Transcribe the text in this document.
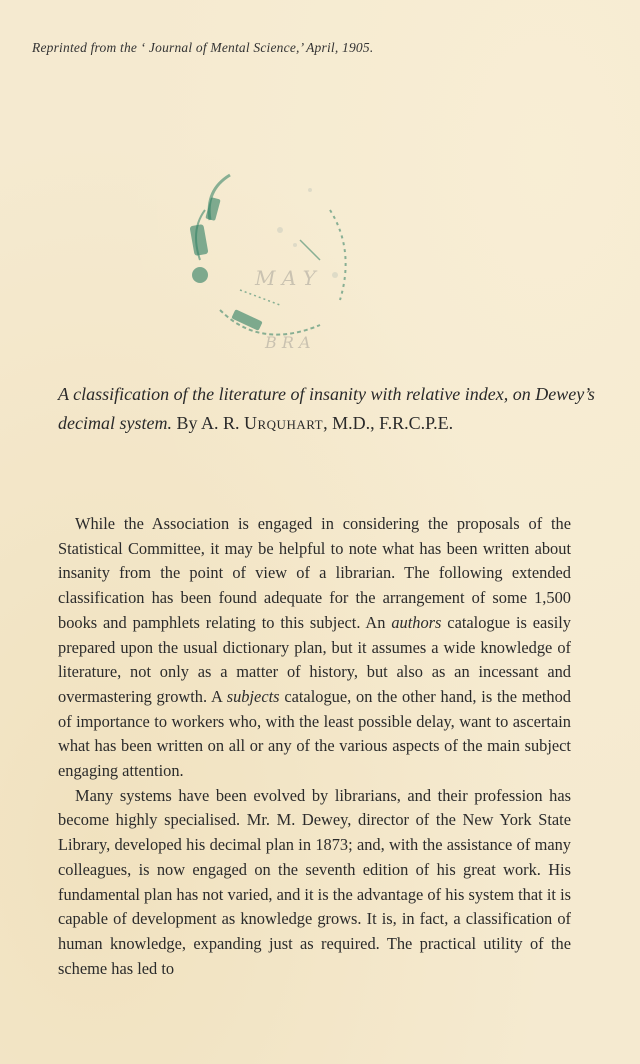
Reprinted from the ‘ Journal of Mental Science,’ April, 1905.
M A Y
B R A
A classification of the literature of insanity with relative index, on Dewey’s decimal system. By A. R. Urquhart, M.D., F.R.C.P.E.

While the Association is engaged in considering the proposals of the Statistical Committee, it may be helpful to note what has been written about insanity from the point of view of a librarian. The following extended classification has been found adequate for the arrangement of some 1,500 books and pamphlets relating to this subject. An authors catalogue is easily prepared upon the usual dictionary plan, but it assumes a wide knowledge of literature, not only as a matter of history, but also as an incessant and overmastering growth. A subjects catalogue, on the other hand, is the method of importance to workers who, with the least possible delay, want to ascertain what has been written on all or any of the various aspects of the main subject engaging attention.

Many systems have been evolved by librarians, and their profession has become highly specialised. Mr. M. Dewey, director of the New York State Library, developed his decimal plan in 1873; and, with the assistance of many colleagues, is now engaged on the seventh edition of his great work. His fundamental plan has not varied, and it is the advantage of his system that it is capable of development as knowledge grows. It is, in fact, a classification of human knowledge, expanding just as required. The practical utility of the scheme has led to
